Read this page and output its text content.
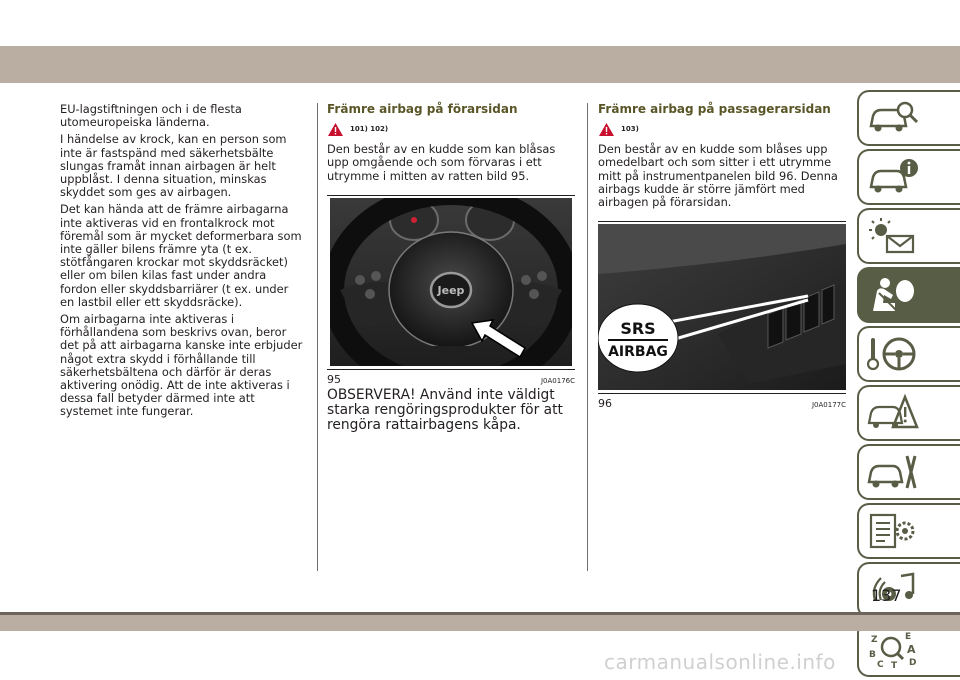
EU-lagstiftningen och i de flesta utomeuropeiska länderna.

I händelse av krock, kan en person som inte är fastspänd med säkerhetsbälte slungas framåt innan airbagen är helt uppblåst. I denna situation, minskas skyddet som ges av airbagen.

Det kan hända att de främre airbagarna inte aktiveras vid en frontalkrock mot föremål som är mycket deformerbara som inte gäller bilens främre yta (t ex. stötfångaren krockar mot skyddsräcket) eller om bilen kilas fast under andra fordon eller skyddsbarriärer (t ex. under en lastbil eller ett skyddsräcke).

Om airbagarna inte aktiveras i förhållandena som beskrivs ovan, beror det på att airbagarna kanske inte erbjuder något extra skydd i förhållande till säkerhetsbältena och därför är deras aktivering onödig. Att de inte aktiveras i dessa fall betyder därmed inte att systemet inte fungerar.

Främre airbag på förarsidan
101) 102)

Den består av en kudde som kan blåsas upp omgående och som förvaras i ett utrymme i mitten av ratten bild 95.

Jeep
95	J0A0176C

OBSERVERA! Använd inte väldigt starka rengöringsprodukter för att rengöra rattairbagens kåpa.

Främre airbag på passagerarsidan
103)

Den består av en kudde som blåses upp omedelbart och som sitter i ett utrymme mitt på instrumentpanelen bild 96. Denna airbags kudde är större jämfört med airbagen på förarsidan.

SRS
AIRBAG
96	J0A0177C
Z	E
B	A
C T D
137
carmanualsonline.info
